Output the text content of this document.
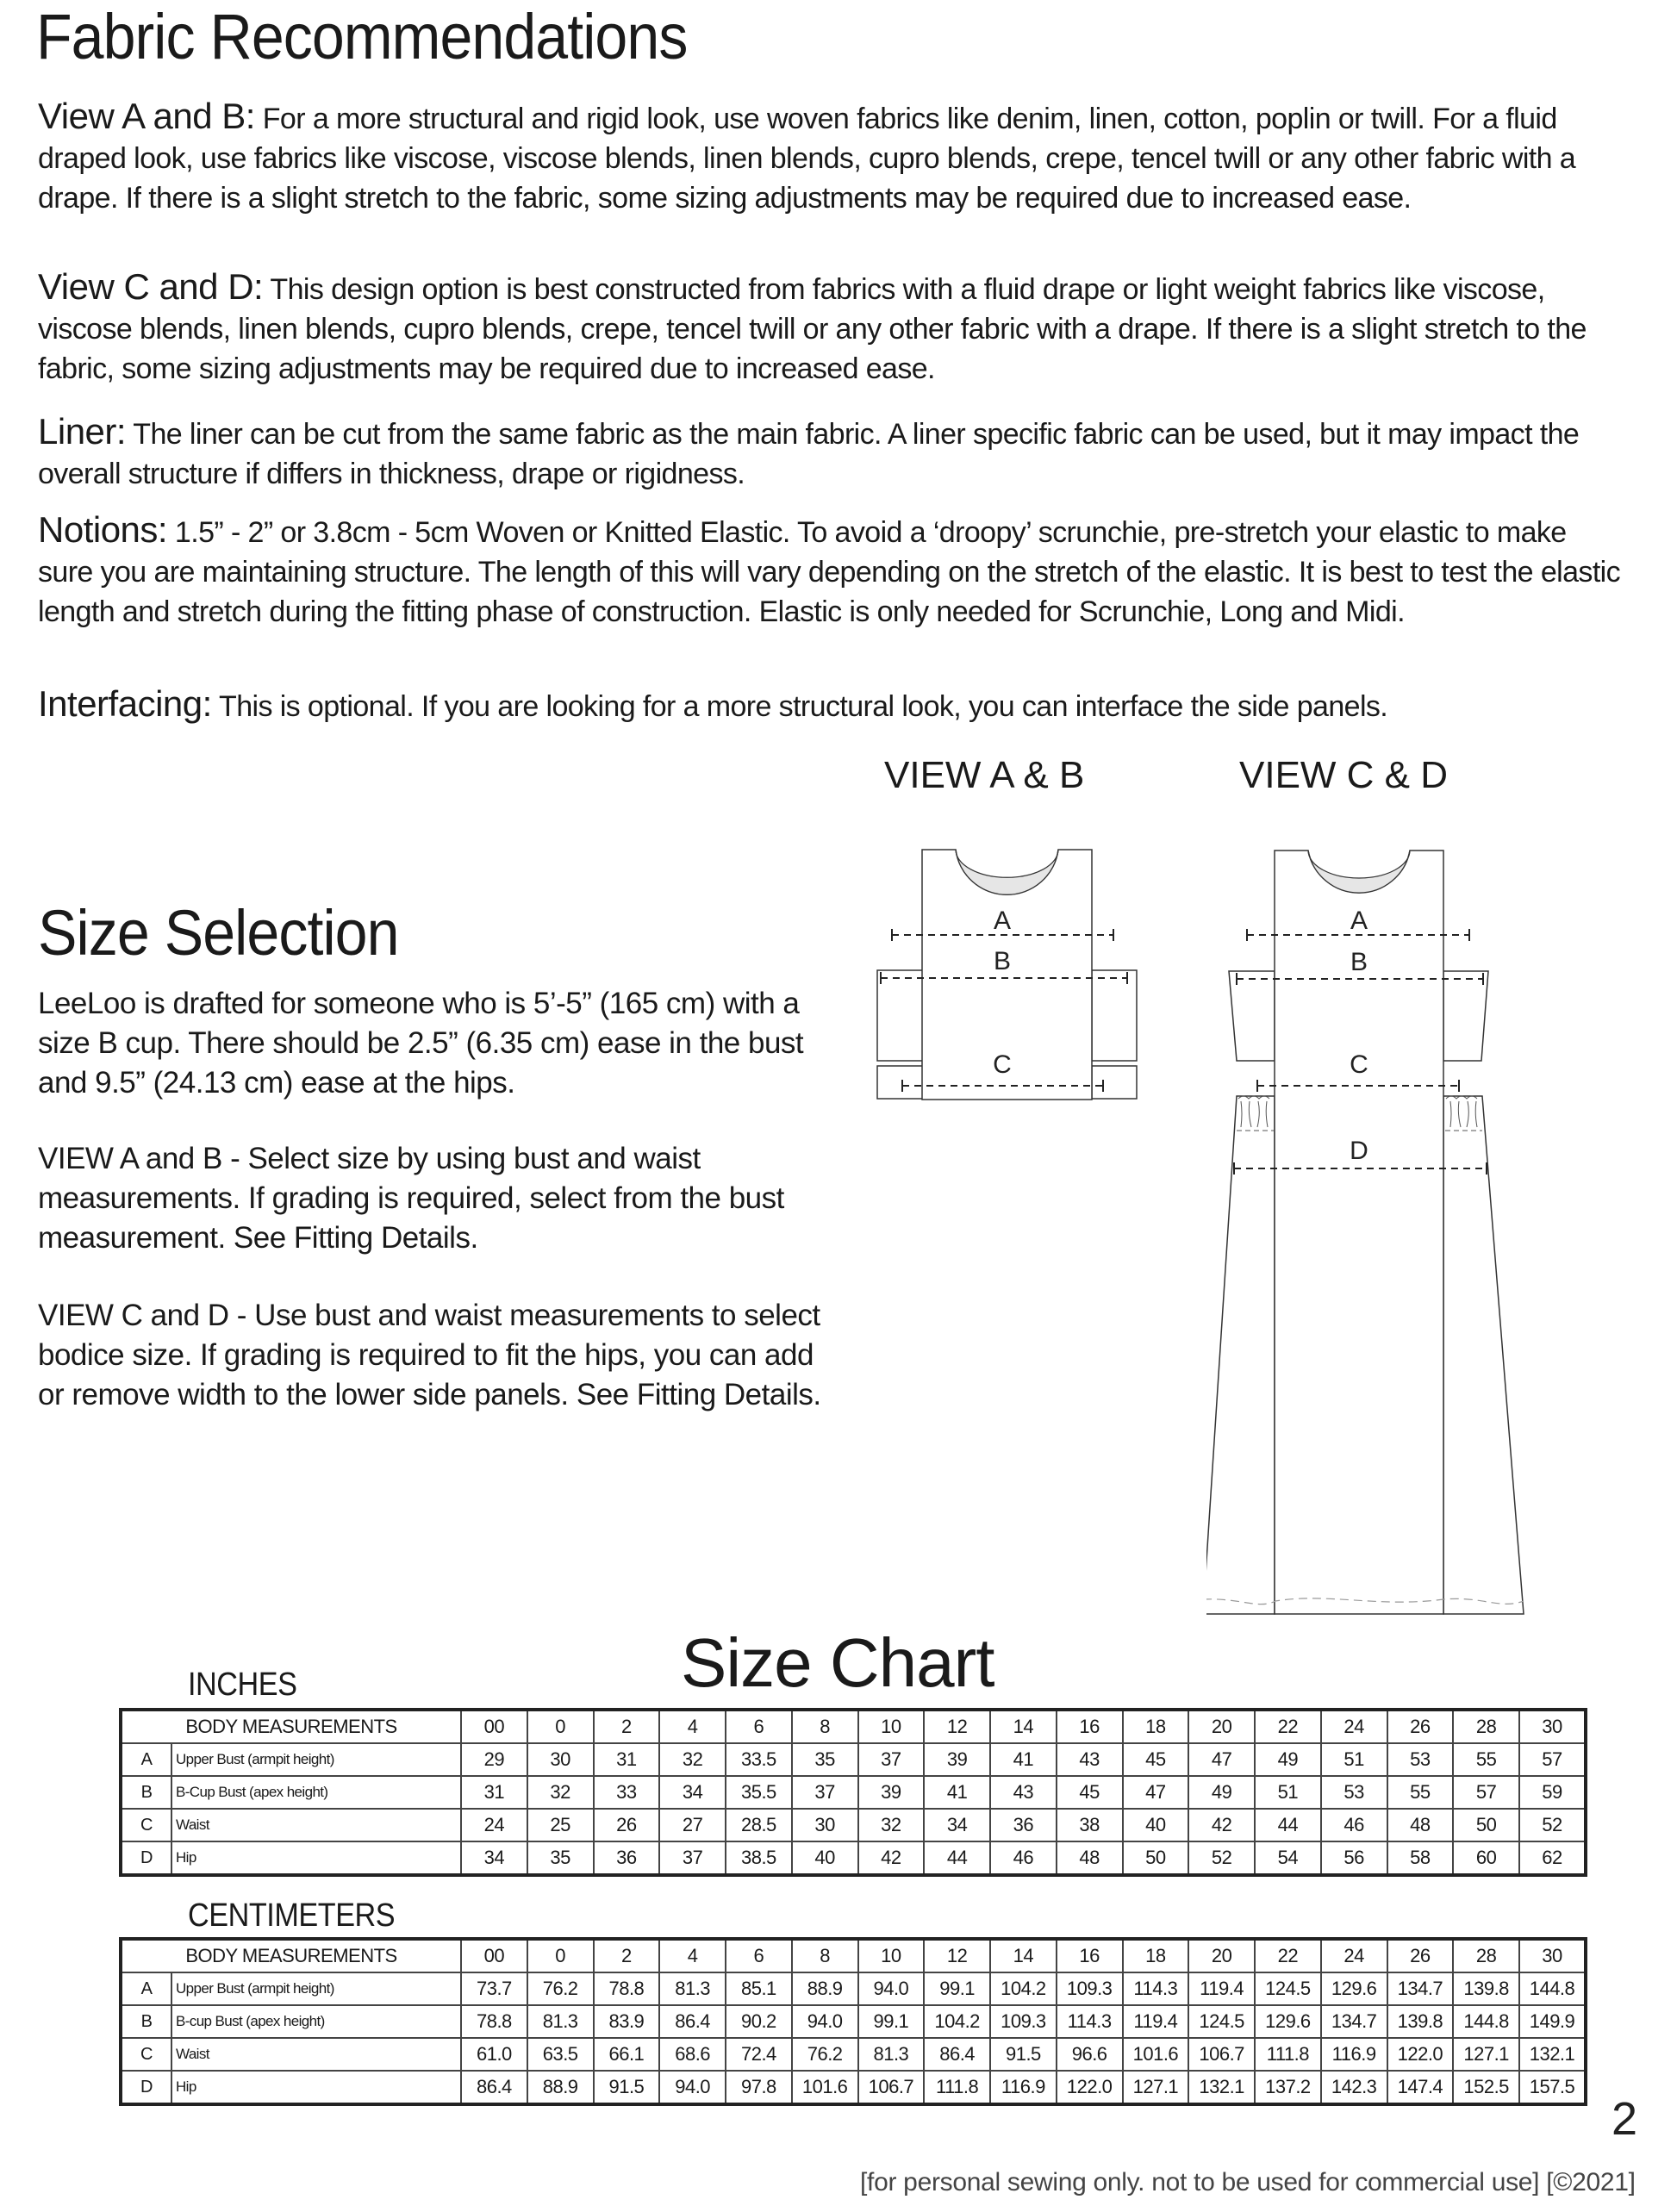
Fabric Recommendations
View A and B: For a more structural and rigid look, use woven fabrics like denim, linen, cotton, poplin or twill. For a fluid draped look, use fabrics like viscose, viscose blends, linen blends, cupro blends, crepe, tencel twill or any other fabric with a drape. If there is a slight stretch to the fabric, some sizing adjustments may be required due to increased ease.
View C and D: This design option is best constructed from fabrics with a fluid drape or light weight fabrics like viscose, viscose blends, linen blends, cupro blends, crepe, tencel twill or any other fabric with a drape. If there is a slight stretch to the fabric, some sizing adjustments may be required due to increased ease.
Liner: The liner can be cut from the same fabric as the main fabric. A liner specific fabric can be used, but it may impact the overall structure if differs in thickness, drape or rigidness.
Notions: 1.5” - 2” or 3.8cm - 5cm Woven or Knitted Elastic. To avoid a ‘droopy’ scrunchie, pre-stretch your elastic to make sure you are maintaining structure. The length of this will vary depending on the stretch of the elastic. It is best to test the elastic length and stretch during the fitting phase of construction. Elastic is only needed for Scrunchie, Long and Midi.
Interfacing: This is optional. If you are looking for a more structural look, you can interface the side panels.
Size Selection
LeeLoo is drafted for someone who is 5’-5” (165 cm) with a size B cup. There should be 2.5” (6.35 cm) ease in the bust and 9.5” (24.13 cm) ease at the hips.
VIEW A and B - Select size by using bust and waist measurements. If grading is required, select from the bust measurement. See Fitting Details.
VIEW C and D - Use bust and waist measurements to select bodice size. If grading is required to fit the hips, you can add or remove width to the lower side panels. See Fitting Details.
VIEW A & B	VIEW C & D
A
B
C
A
B
C
D
Size Chart
INCHES
BODY MEASUREMENTS		00	0	2	4	6	8	10	12	14	16	18	20	22	24	26	28	30
A	Upper Bust (armpit height)	29	30	31	32	33.5	35	37	39	41	43	45	47	49	51	53	55	57
B	B-Cup Bust (apex height)	31	32	33	34	35.5	37	39	41	43	45	47	49	51	53	55	57	59
C	Waist	24	25	26	27	28.5	30	32	34	36	38	40	42	44	46	48	50	52
D	Hip	34	35	36	37	38.5	40	42	44	46	48	50	52	54	56	58	60	62
CENTIMETERS
BODY MEASUREMENTS		00	0	2	4	6	8	10	12	14	16	18	20	22	24	26	28	30
A	Upper Bust (armpit height)	73.7	76.2	78.8	81.3	85.1	88.9	94.0	99.1	104.2	109.3	114.3	119.4	124.5	129.6	134.7	139.8	144.8
B	B-cup Bust (apex height)	78.8	81.3	83.9	86.4	90.2	94.0	99.1	104.2	109.3	114.3	119.4	124.5	129.6	134.7	139.8	144.8	149.9
C	Waist	61.0	63.5	66.1	68.6	72.4	76.2	81.3	86.4	91.5	96.6	101.6	106.7	111.8	116.9	122.0	127.1	132.1
D	Hip	86.4	88.9	91.5	94.0	97.8	101.6	106.7	111.8	116.9	122.0	127.1	132.1	137.2	142.3	147.4	152.5	157.5
2
[for personal sewing only. not to be used for commercial use] [©2021]
